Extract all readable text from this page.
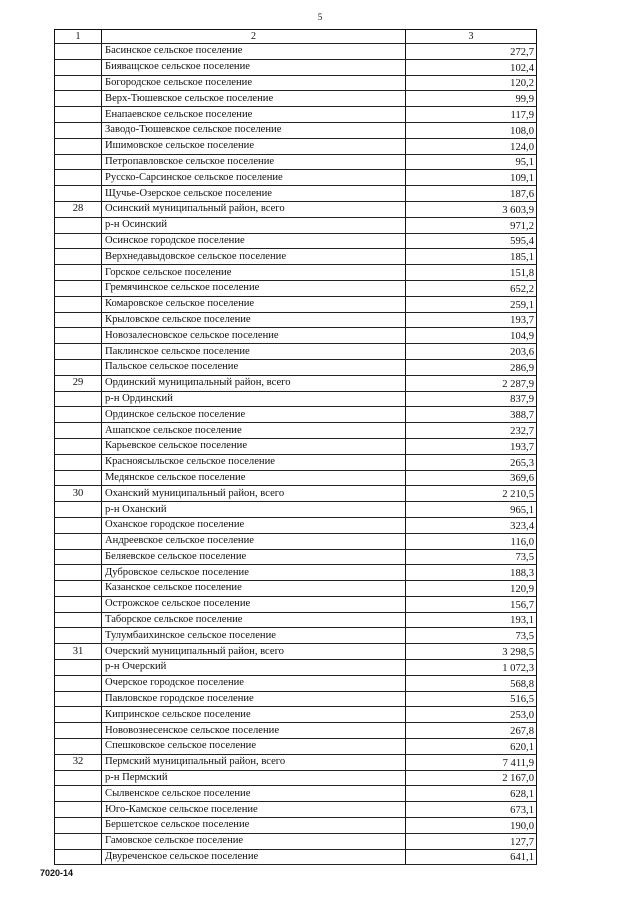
5
1	2	3
	Басинское сельское поселение	272,7
	Бияващское сельское поселение	102,4
	Богородское сельское поселение	120,2
	Верх-Тюшевское сельское поселение	99,9
	Енапаевское сельское поселение	117,9
	Заводо-Тюшевское сельское поселение	108,0
	Ишимовское сельское поселение	124,0
	Петропавловское сельское поселение	95,1
	Русско-Сарсинское сельское поселение	109,1
	Щучье-Озерское сельское поселение	187,6
28	Осинский муниципальный район, всего	3 603,9
	р-н Осинский	971,2
	Осинское городское поселение	595,4
	Верхнедавыдовское сельское поселение	185,1
	Горское сельское поселение	151,8
	Гремячинское сельское поселение	652,2
	Комаровское сельское поселение	259,1
	Крыловское сельское поселение	193,7
	Новозалесновское сельское поселение	104,9
	Паклинское сельское поселение	203,6
	Пальское сельское поселение	286,9
29	Ординский муниципальный район, всего	2 287,9
	р-н Ординский	837,9
	Ординское сельское поселение	388,7
	Ашапское сельское поселение	232,7
	Карьевское сельское поселение	193,7
	Красноясыльское сельское поселение	265,3
	Медянское сельское поселение	369,6
30	Оханский муниципальный район, всего	2 210,5
	р-н Оханский	965,1
	Оханское городское поселение	323,4
	Андреевское сельское поселение	116,0
	Беляевское сельское поселение	73,5
	Дубровское сельское поселение	188,3
	Казанское сельское поселение	120,9
	Острожское сельское поселение	156,7
	Таборское сельское поселение	193,1
	Тулумбаихинское сельское поселение	73,5
31	Очерский муниципальный район, всего	3 298,5
	р-н Очерский	1 072,3
	Очерское городское поселение	568,8
	Павловское городское поселение	516,5
	Кипринское сельское поселение	253,0
	Нововознесенское сельское поселение	267,8
	Спешковское сельское поселение	620,1
32	Пермский муниципальный район, всего	7 411,9
	р-н Пермский	2 167,0
	Сылвенское сельское поселение	628,1
	Юго-Камское сельское поселение	673,1
	Бершетское сельское поселение	190,0
	Гамовское сельское поселение	127,7
	Двуреченское сельское поселение	641,1
7020-14
